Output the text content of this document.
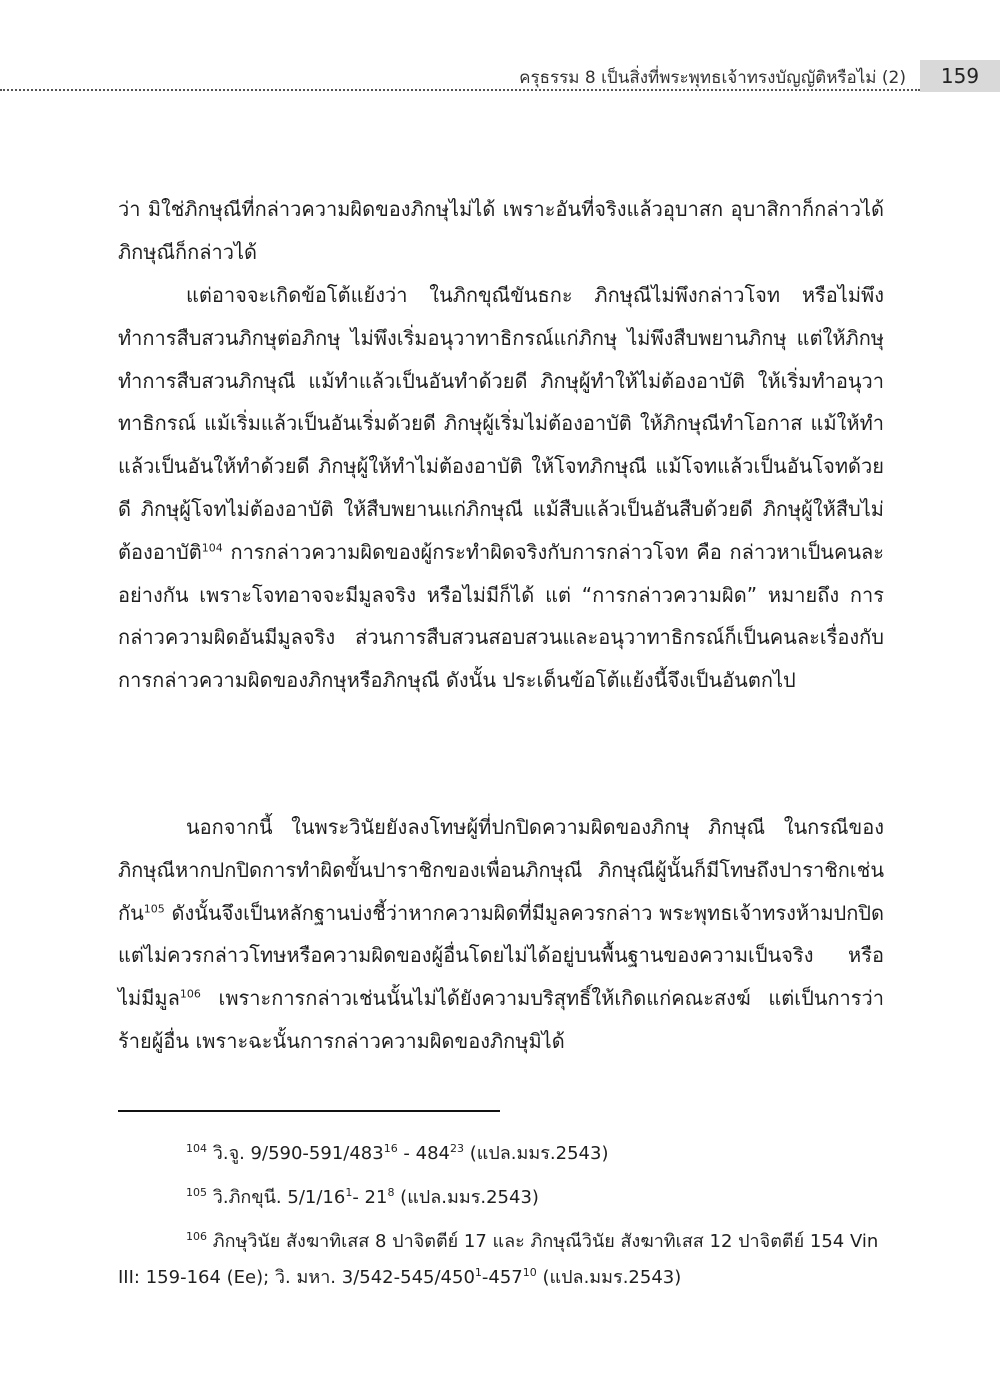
ครุธรรม 8 เป็นสิ่งที่พระพุทธเจ้าทรงบัญญัติหรือไม่ (2)	159

ว่า มิใช่ภิกษุณีที่กล่าวความผิดของภิกษุไม่ได้ เพราะอันที่จริงแล้วอุบาสก อุบาสิกาก็กล่าวได้ ภิกษุณีก็กล่าวได้

แต่อาจจะเกิดข้อโต้แย้งว่า ในภิกขุณีขันธกะ ภิกษุณีไม่พึงกล่าวโจท หรือไม่พึงทำการสืบสวนภิกษุต่อภิกษุ ไม่พึงเริ่มอนุวาทาธิกรณ์แก่ภิกษุ ไม่พึงสืบพยานภิกษุ แต่ให้ภิกษุทำการสืบสวนภิกษุณี แม้ทำแล้วเป็นอันทำด้วยดี ภิกษุผู้ทำให้ไม่ต้องอาบัติ ให้เริ่มทำอนุวาทาธิกรณ์ แม้เริ่มแล้วเป็นอันเริ่มด้วยดี ภิกษุผู้เริ่มไม่ต้องอาบัติ ให้ภิกษุณีทำโอกาส แม้ให้ทำแล้วเป็นอันให้ทำด้วยดี ภิกษุผู้ให้ทำไม่ต้องอาบัติ ให้โจทภิกษุณี แม้โจทแล้วเป็นอันโจทด้วยดี ภิกษุผู้โจทไม่ต้องอาบัติ ให้สืบพยานแก่ภิกษุณี แม้สืบแล้วเป็นอันสืบด้วยดี ภิกษุผู้ให้สืบไม่ต้องอาบัติ$^{104}$ การกล่าวความผิดของผู้กระทำผิดจริงกับการกล่าวโจท คือ กล่าวหาเป็นคนละอย่างกัน เพราะโจทอาจจะมีมูลจริง หรือไม่มีก็ได้ แต่ “การกล่าวความผิด” หมายถึง การกล่าวความผิดอันมีมูลจริง ส่วนการสืบสวนสอบสวนและอนุวาทาธิกรณ์ก็เป็นคนละเรื่องกับการกล่าวความผิดของภิกษุหรือภิกษุณี ดังนั้น ประเด็นข้อโต้แย้งนี้จึงเป็นอันตกไป

นอกจากนี้ ในพระวินัยยังลงโทษผู้ที่ปกปิดความผิดของภิกษุ ภิกษุณี ในกรณีของภิกษุณีหากปกปิดการทำผิดขั้นปาราชิกของเพื่อนภิกษุณี ภิกษุณีผู้นั้นก็มีโทษถึงปาราชิกเช่นกัน$^{105}$ ดังนั้นจึงเป็นหลักฐานบ่งชี้ว่าหากความผิดที่มีมูลควรกล่าว พระพุทธเจ้าทรงห้ามปกปิด แต่ไม่ควรกล่าวโทษหรือความผิดของผู้อื่นโดยไม่ได้อยู่บนพื้นฐานของความเป็นจริง หรือไม่มีมูล$^{106}$ เพราะการกล่าวเช่นนั้นไม่ได้ยังความบริสุทธิ์ให้เกิดแก่คณะสงฆ์ แต่เป็นการว่าร้ายผู้อื่น เพราะฉะนั้นการกล่าวความผิดของภิกษุมิได้

$^{104}$ วิ.จู. $9/590-591/483^{16} - 484^{23}$ (แปล.มมร.2543)

$^{105}$ วิ.ภิกขุนี. $5/1/16^1-$ $21^8$ (แปล.มมร.2543)

$^{106}$ ภิกษุวินัย สังฆาทิเสส 8 ปาจิตตีย์ 17 และ ภิกษุณีวินัย สังฆาทิเสส 12 ปาจิตตีย์ 154 Vin III: 159-164 (Ee); วิ. มหา. $3/542-545/450^1-457^{10}$ (แปล.มมร.2543)
